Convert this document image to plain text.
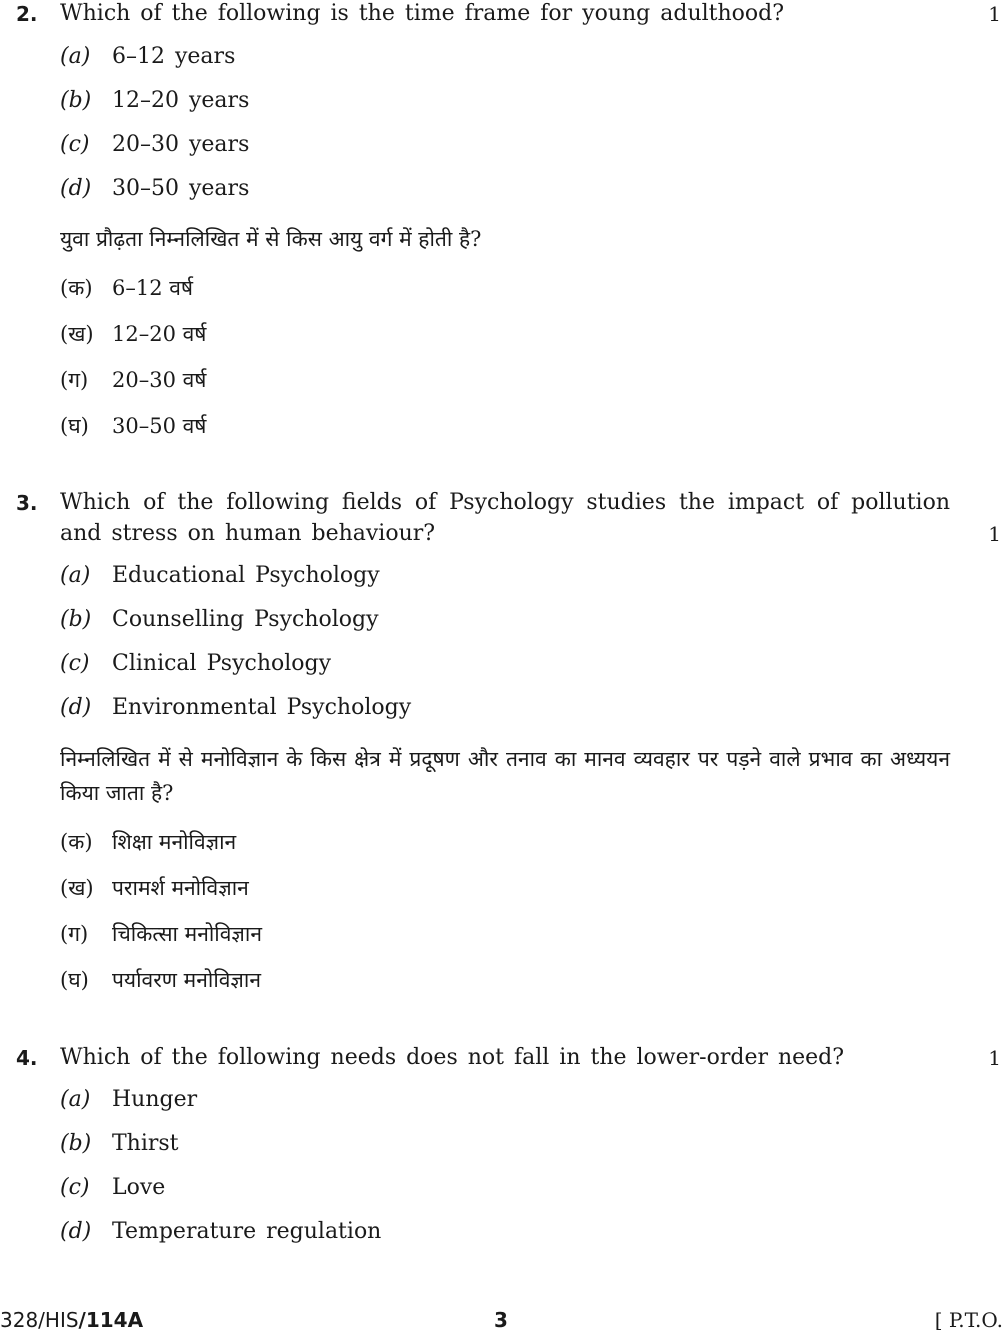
2. Which of the following is the time frame for young adulthood?	1
(a) 6–12 years
(b) 12–20 years
(c) 20–30 years
(d) 30–50 years
युवा प्रौढ़ता निम्नलिखित में से किस आयु वर्ग में होती है?
(क) 6–12 वर्ष
(ख) 12–20 वर्ष
(ग) 20–30 वर्ष
(घ) 30–50 वर्ष
3. Which of the following fields of Psychology studies the impact of pollution and stress on human behaviour?	1
(a) Educational Psychology
(b) Counselling Psychology
(c) Clinical Psychology
(d) Environmental Psychology
निम्नलिखित में से मनोविज्ञान के किस क्षेत्र में प्रदूषण और तनाव का मानव व्यवहार पर पड़ने वाले प्रभाव का अध्ययन किया जाता है?
(क) शिक्षा मनोविज्ञान
(ख) परामर्श मनोविज्ञान
(ग) चिकित्सा मनोविज्ञान
(घ) पर्यावरण मनोविज्ञान
4. Which of the following needs does not fall in the lower-order need?	1
(a) Hunger
(b) Thirst
(c) Love
(d) Temperature regulation
328/HIS/114A	3	[ P.T.O.
